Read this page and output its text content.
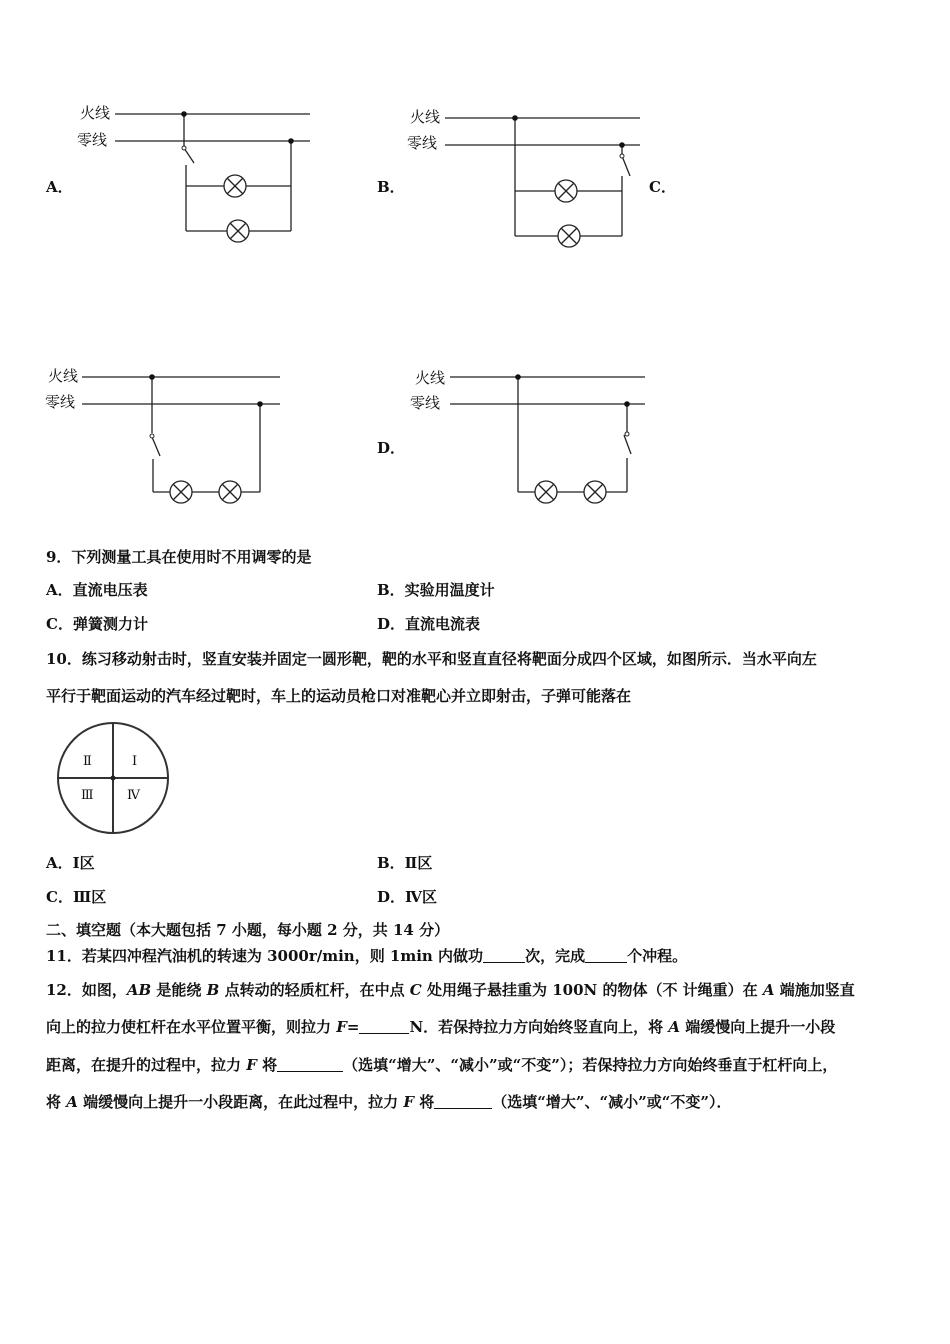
火线
零线
火线
零线
火线
零线
火线
零线
A．	B．	C．
D．
9．下列测量工具在使用时不用调零的是
A．直流电压表	B．实验用温度计
C．弹簧测力计	D．直流电流表
10．练习移动射击时，竖直安装并固定一圆形靶，靶的水平和竖直直径将靶面分成四个区域，如图所示．当水平向左
平行于靶面运动的汽车经过靶时，车上的运动员枪口对准靶心并立即射击，子弹可能落在
Ⅱ	Ⅰ
Ⅲ	Ⅳ
A．Ⅰ区	B．Ⅱ区
C．Ⅲ区	D．Ⅳ区
二、填空题（本大题包括 7 小题，每小题 2 分，共 14 分）
11．若某四冲程汽油机的转速为 3000r/min，则 1min 内做功	次，完成	个冲程。
12．如图，AB 是能绕 B 点转动的轻质杠杆，在中点 C 处用绳子悬挂重为 100N 的物体（不 计绳重）在 A 端施加竖直
向上的拉力使杠杆在水平位置平衡，则拉力 F=	N．若保持拉力方向始终竖直向上，将 A 端缓慢向上提升一小段
距离，在提升的过程中，拉力 F 将	（选填“增大”、“减小”或“不变”）；若保持拉力方向始终垂直于杠杆向上，
将 A 端缓慢向上提升一小段距离，在此过程中，拉力 F 将	（选填“增大”、“减小”或“不变”）．
